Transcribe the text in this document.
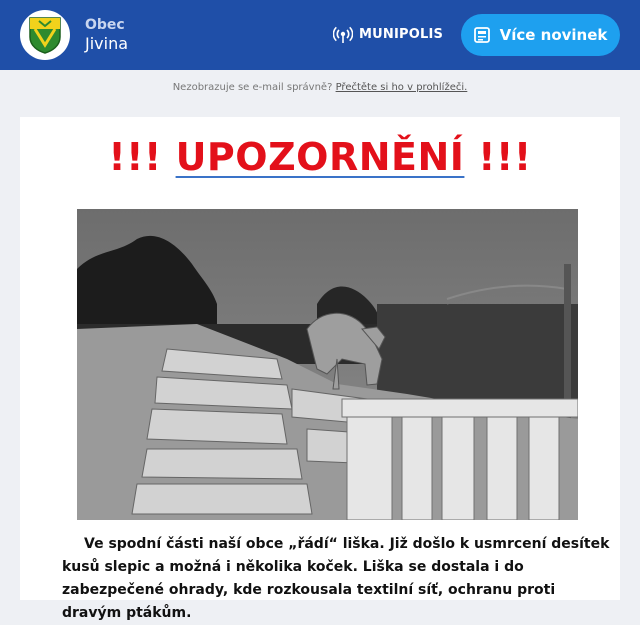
Obec
Jivina	MUNIPOLIS	Více novinek
Nezobrazuje se e-mail správně? Přečtěte si ho v prohlížeči.
!!! UPOZORNĚNÍ !!!

Ve spodní části naší obce „řádí“ liška. Již došlo k usmrcení desítek kusů slepic a možná i několika koček. Liška se dostala i do zabezpečené ohrady, kde rozkousala textilní síť, ochranu proti dravým ptákům.
